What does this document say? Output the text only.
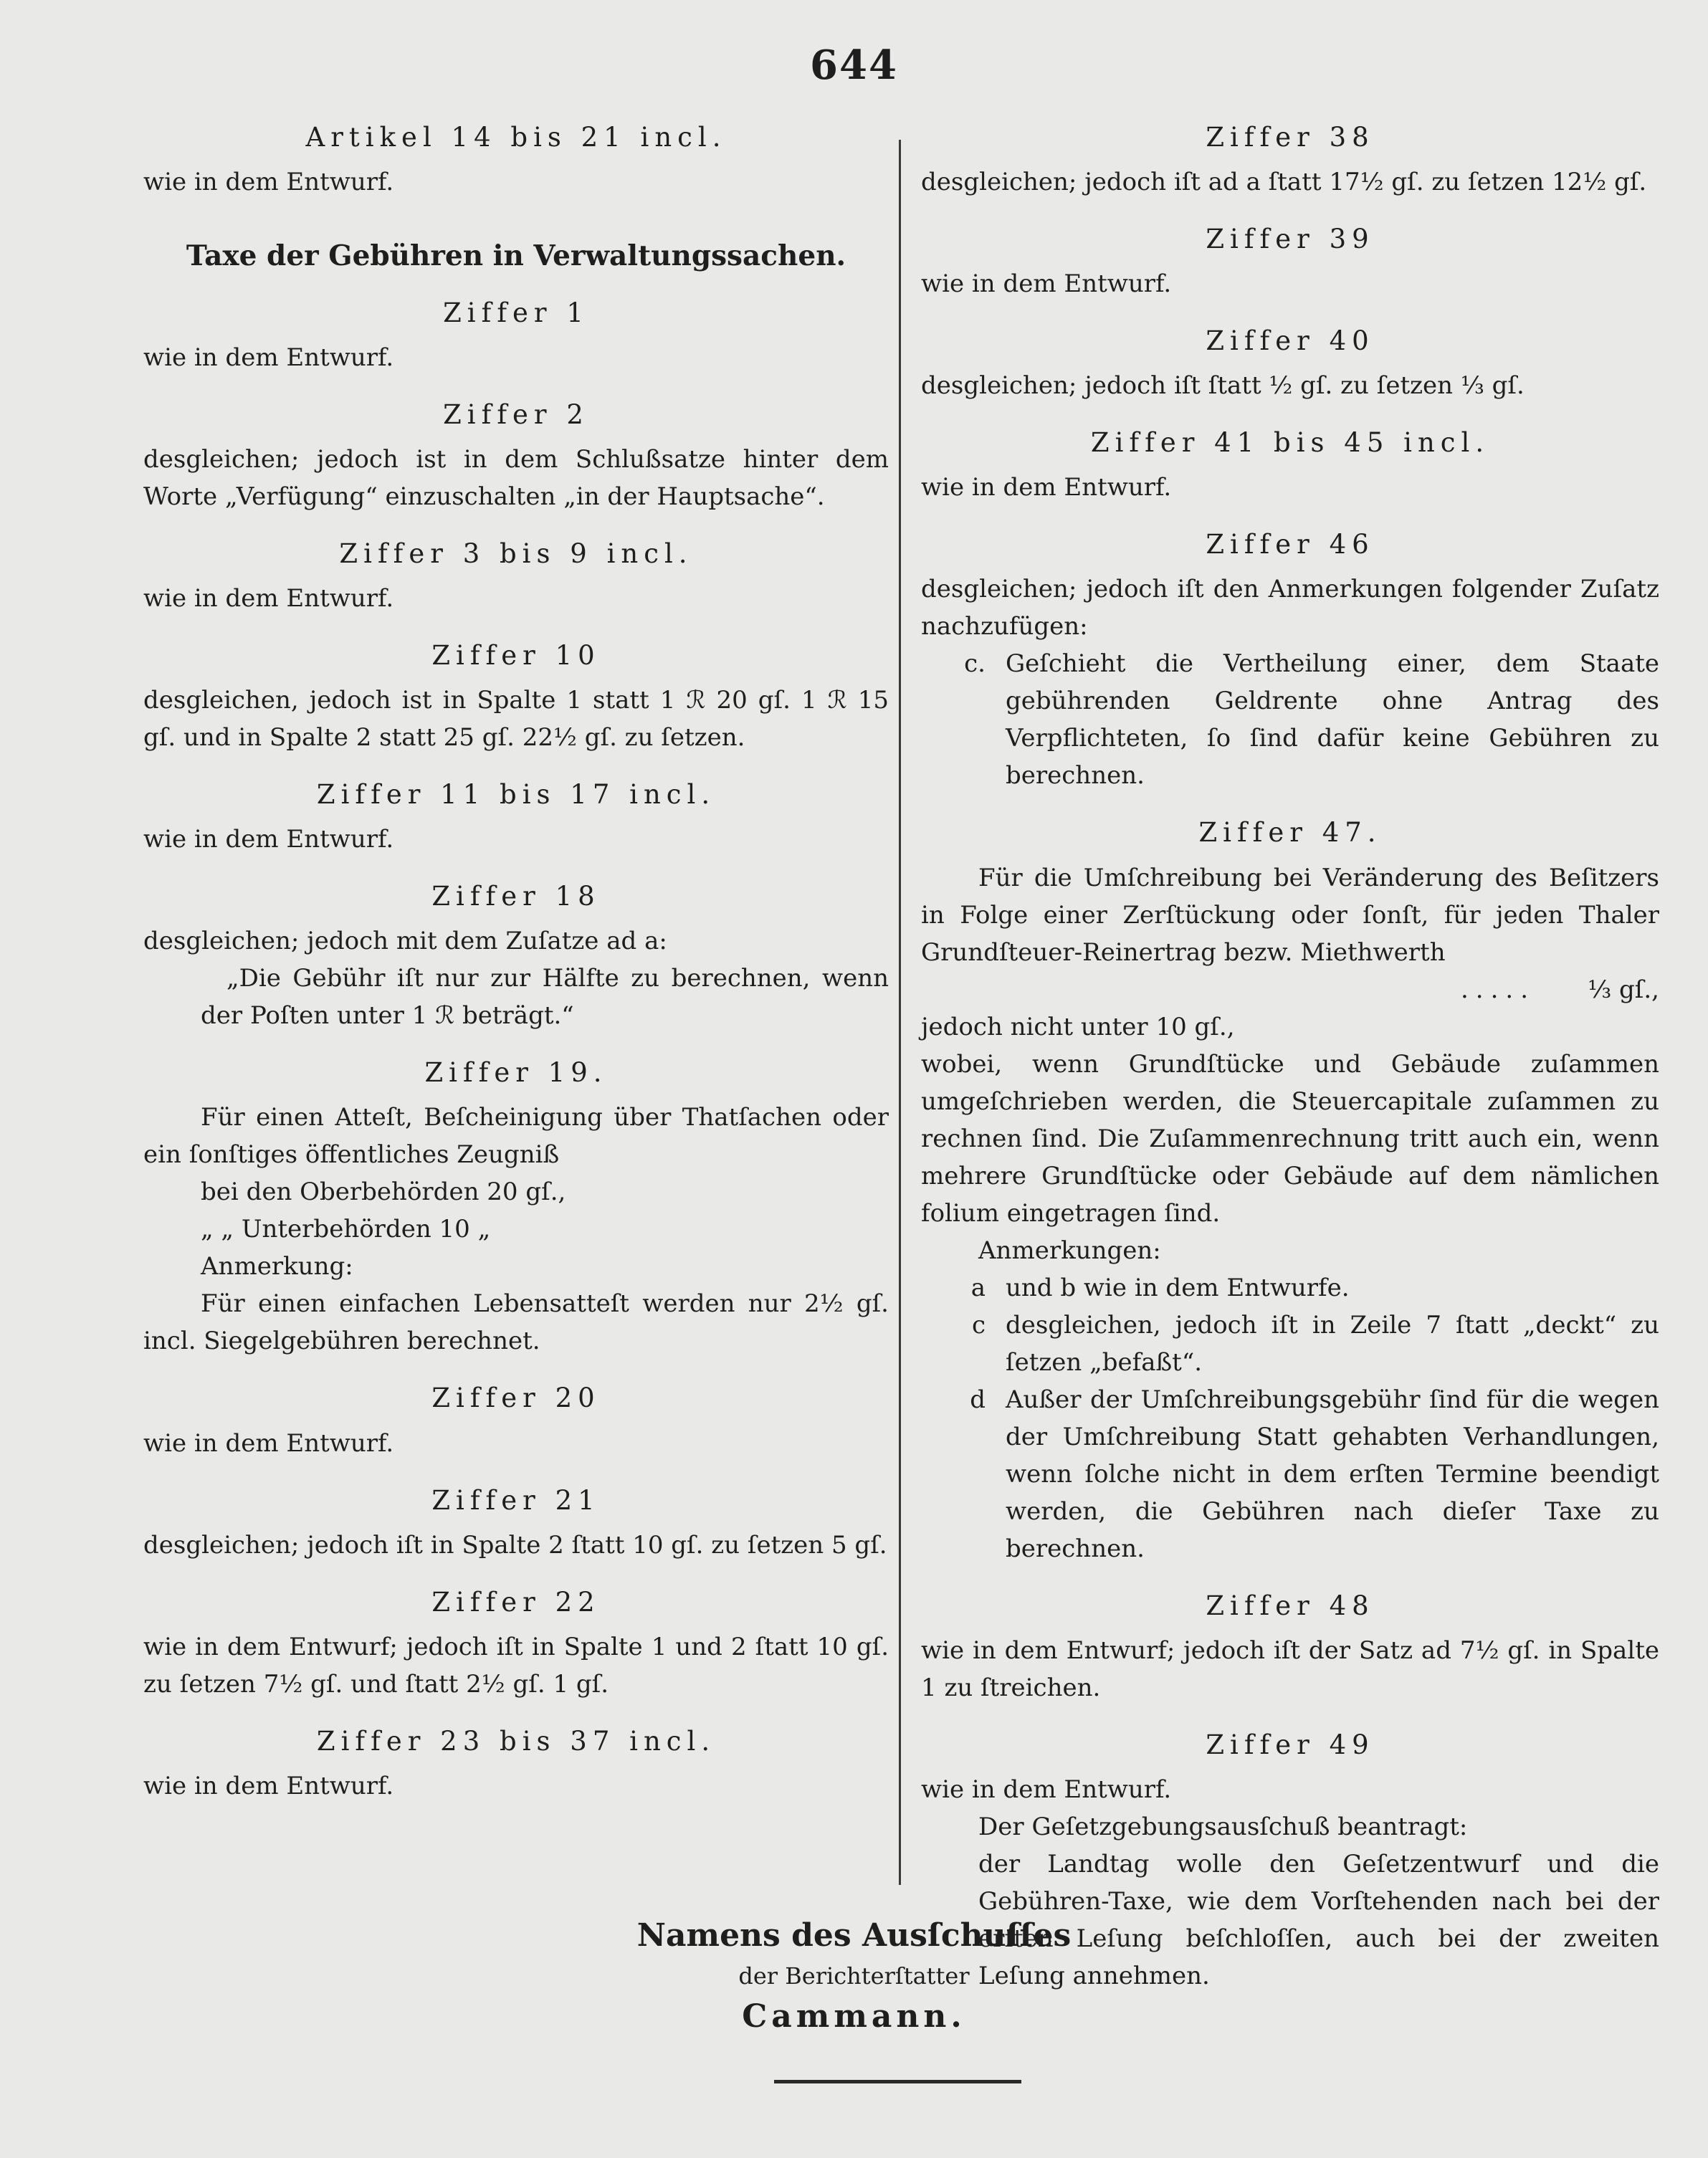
644
Artikel 14 bis 21 incl.
wie in dem Entwurf.
Taxe der Gebühren in Verwaltungssachen.
Ziffer 1
wie in dem Entwurf.
Ziffer 2
desgleichen; jedoch ist in dem Schlußsatze hinter dem Worte „Verfügung“ einzuschalten „in der Hauptsache“.
Ziffer 3 bis 9 incl.
wie in dem Entwurf.
Ziffer 10
desgleichen, jedoch ist in Spalte 1 statt 1 ℛ 20 gſ. 1 ℛ 15 gſ. und in Spalte 2 statt 25 gſ. 22½ gſ. zu ſetzen.
Ziffer 11 bis 17 incl.
wie in dem Entwurf.
Ziffer 18
desgleichen; jedoch mit dem Zuſatze ad a:
„Die Gebühr iſt nur zur Hälfte zu berechnen, wenn der Poſten unter 1 ℛ beträgt.“
Ziffer 19.
Für einen Atteſt, Beſcheinigung über Thatſachen oder ein ſonſtiges öffentliches Zeugniß
bei den Oberbehörden 20 gſ.,
„ „ Unterbehörden 10 „
Anmerkung:
Für einen einfachen Lebensatteſt werden nur 2½ gſ. incl. Siegelgebühren berechnet.
Ziffer 20
wie in dem Entwurf.
Ziffer 21
desgleichen; jedoch iſt in Spalte 2 ſtatt 10 gſ. zu ſetzen 5 gſ.
Ziffer 22
wie in dem Entwurf; jedoch iſt in Spalte 1 und 2 ſtatt 10 gſ. zu ſetzen 7½ gſ. und ſtatt 2½ gſ. 1 gſ.
Ziffer 23 bis 37 incl.
wie in dem Entwurf.
Ziffer 38
desgleichen; jedoch iſt ad a ſtatt 17½ gſ. zu ſetzen 12½ gſ.
Ziffer 39
wie in dem Entwurf.
Ziffer 40
desgleichen; jedoch iſt ſtatt ½ gſ. zu ſetzen ⅓ gſ.
Ziffer 41 bis 45 incl.
wie in dem Entwurf.
Ziffer 46
desgleichen; jedoch iſt den Anmerkungen folgender Zuſatz nachzufügen:
c. Geſchieht die Vertheilung einer, dem Staate gebührenden Geldrente ohne Antrag des Verpflichteten, ſo ſind dafür keine Gebühren zu berechnen.
Ziffer 47.
Für die Umſchreibung bei Veränderung des Beſitzers in Folge einer Zerſtückung oder ſonſt, für jeden Thaler Grundſteuer-Reinertrag bezw. Miethwerth
.....	⅓ gſ.,
jedoch nicht unter 10 gſ.,
wobei, wenn Grundſtücke und Gebäude zuſammen umgeſchrieben werden, die Steuercapitale zuſammen zu rechnen ſind. Die Zuſammenrechnung tritt auch ein, wenn mehrere Grundſtücke oder Gebäude auf dem nämlichen folium eingetragen ſind.
Anmerkungen:
a und b wie in dem Entwurfe.
c desgleichen, jedoch iſt in Zeile 7 ſtatt „deckt“ zu ſetzen „befaßt“.
d Außer der Umſchreibungsgebühr ſind für die wegen der Umſchreibung Statt gehabten Verhandlungen, wenn ſolche nicht in dem erſten Termine beendigt werden, die Gebühren nach dieſer Taxe zu berechnen.
Ziffer 48
wie in dem Entwurf; jedoch iſt der Satz ad 7½ gſ. in Spalte 1 zu ſtreichen.
Ziffer 49
wie in dem Entwurf.
Der Geſetzgebungsausſchuß beantragt:
der Landtag wolle den Geſetzentwurf und die Gebühren-Taxe, wie dem Vorſtehenden nach bei der erſten Leſung beſchloſſen, auch bei der zweiten Leſung annehmen.
Namens des Ausſchuſſes
der Berichterſtatter
Cammann.
